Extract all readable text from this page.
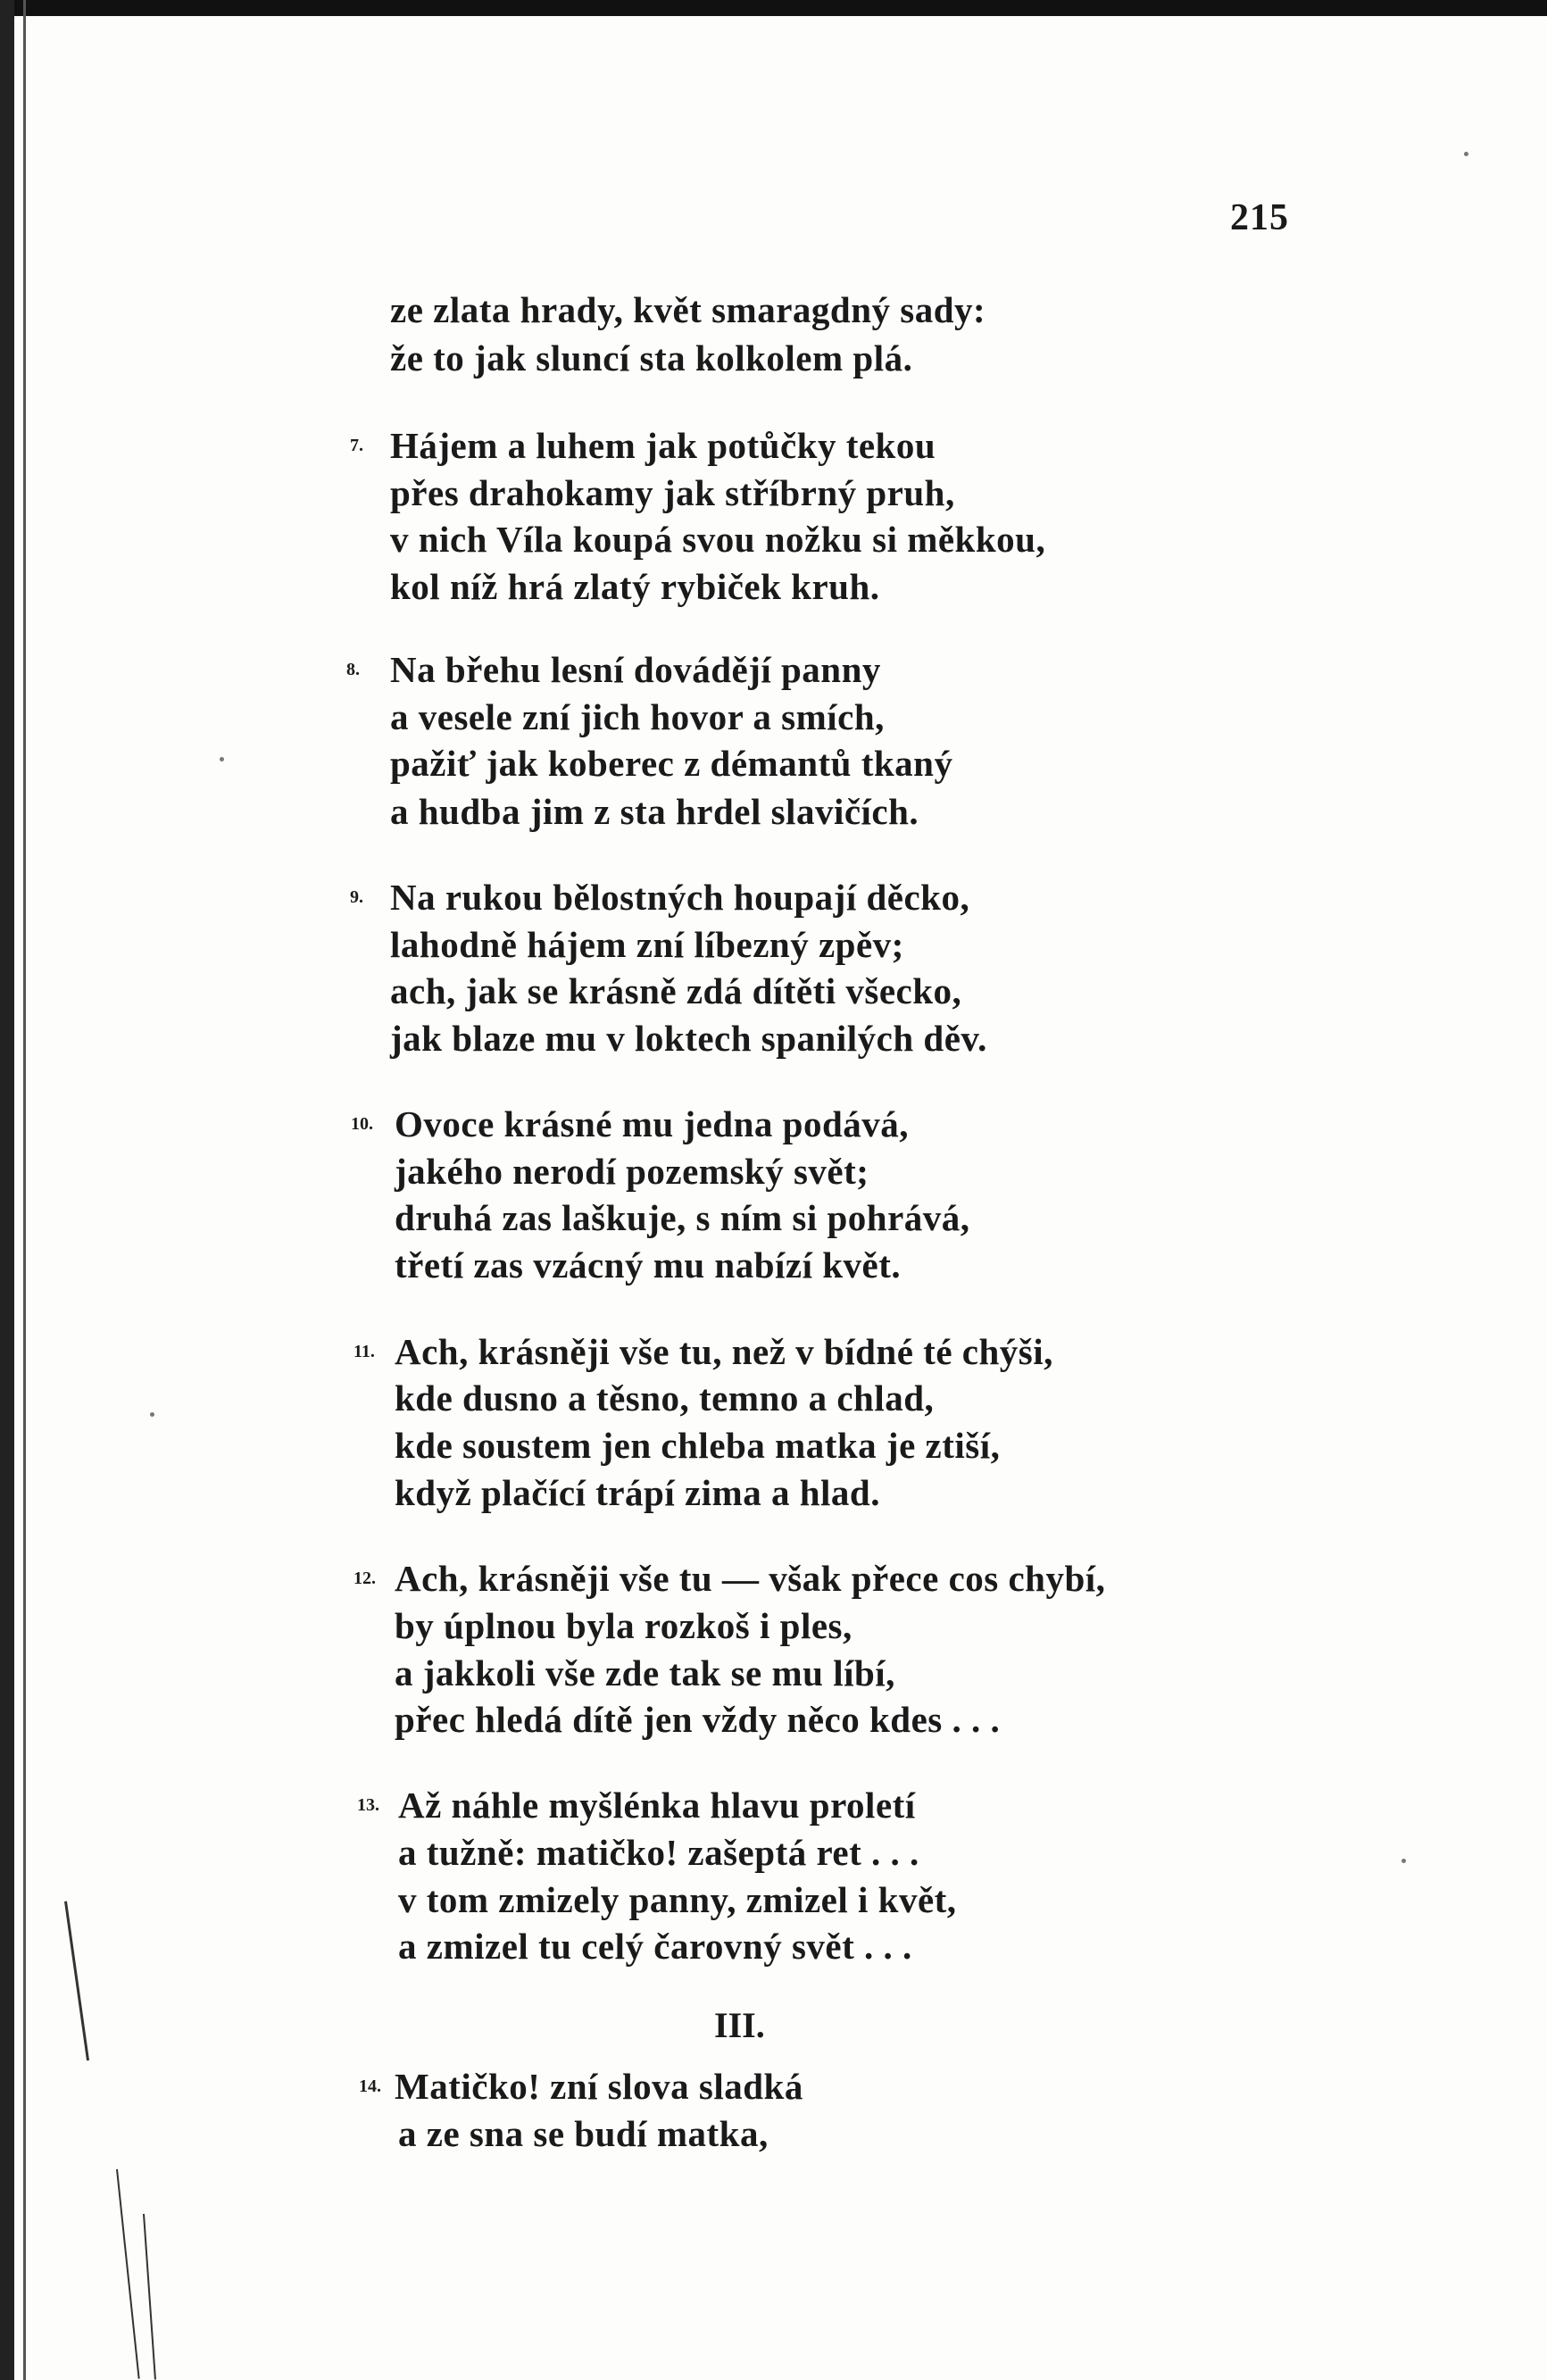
215
ze zlata hrady, květ smaragdný sady:
že to jak sluncí sta kolkolem plá.
7. Hájem a luhem jak potůčky tekou
přes drahokamy jak stříbrný pruh,
v nich Víla koupá svou nožku si měkkou,
kol níž hrá zlatý rybiček kruh.
8. Na břehu lesní dovádějí panny
a vesele zní jich hovor a smích,
pažiť jak koberec z démantů tkaný
a hudba jim z sta hrdel slavičích.
9. Na rukou bělostných houpají děcko,
lahodně hájem zní líbezný zpěv;
ach, jak se krásně zdá dítěti všecko,
jak blaze mu v loktech spanilých děv.
10. Ovoce krásné mu jedna podává,
jakého nerodí pozemský svět;
druhá zas laškuje, s ním si pohrává,
třetí zas vzácný mu nabízí květ.
11. Ach, krásněji vše tu, než v bídné té chýši,
kde dusno a těsno, temno a chlad,
kde soustem jen chleba matka je ztiší,
když plačící trápí zima a hlad.
12. Ach, krásněji vše tu — však přece cos chybí,
by úplnou byla rozkoš i ples,
a jakkoli vše zde tak se mu líbí,
přec hledá dítě jen vždy něco kdes . . .
13. Až náhle myšlénka hlavu proletí
a tužně: matičko! zašeptá ret . . .
v tom zmizely panny, zmizel i květ,
a zmizel tu celý čarovný svět . . .
III.
14. Matičko! zní slova sladká
a ze sna se budí matka,
